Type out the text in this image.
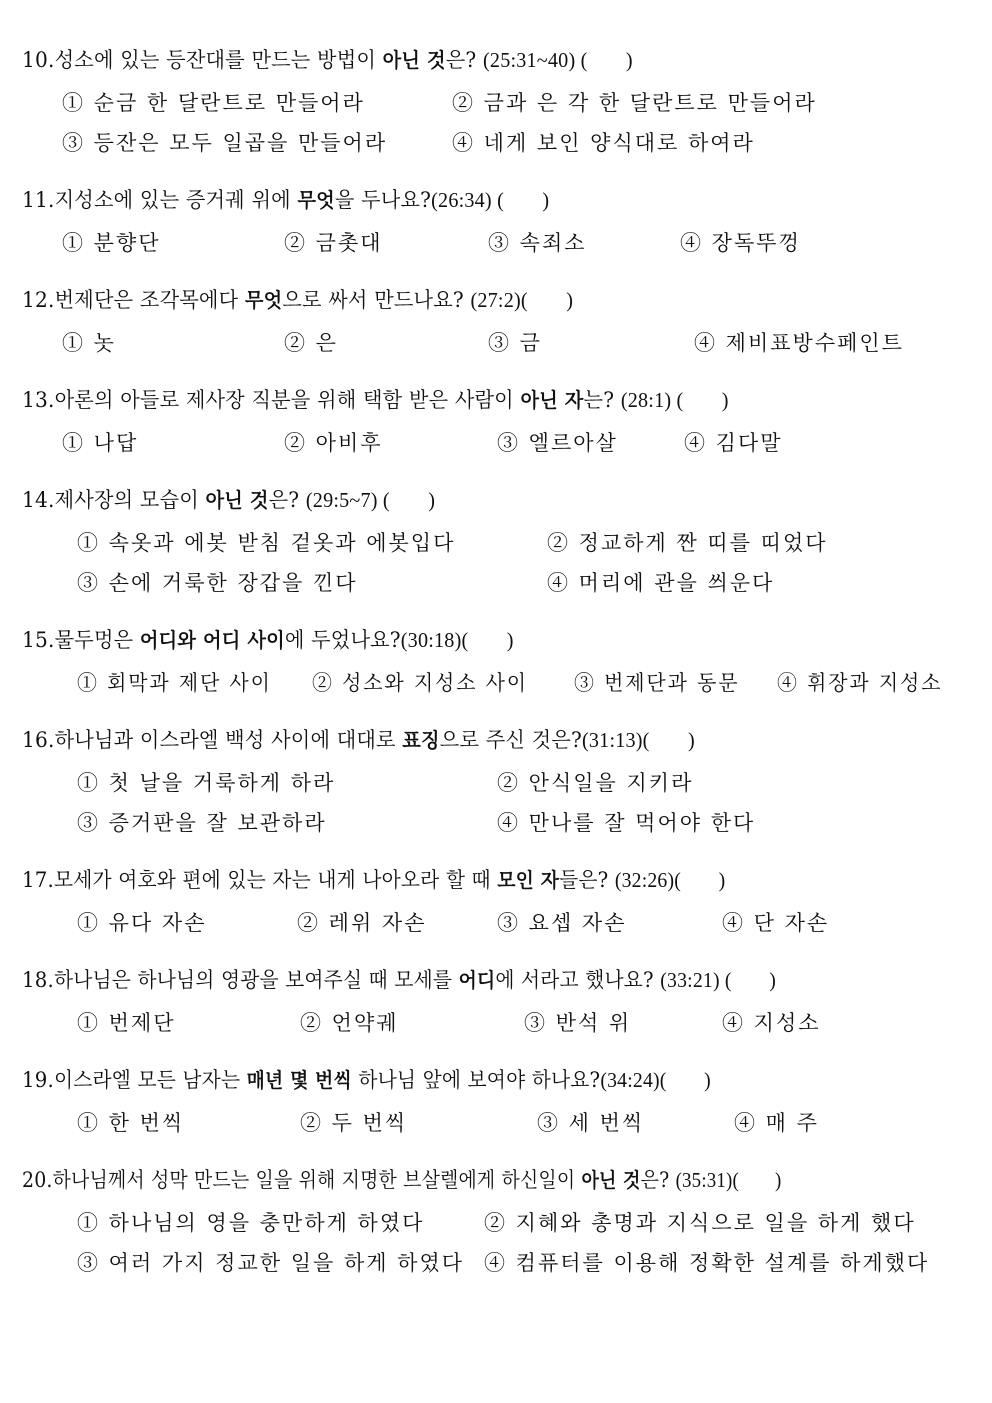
10.성소에 있는 등잔대를 만드는 방법이 아닌 것은? (25:31~40) ( )
① 순금 한 달란트로 만들어라	② 금과 은 각 한 달란트로 만들어라
③ 등잔은 모두 일곱을 만들어라	④ 네게 보인 양식대로 하여라
11.지성소에 있는 증거궤 위에 무엇을 두나요?(26:34) ( )
① 분향단	② 금촛대	③ 속죄소	④ 장독뚜껑
12.번제단은 조각목에다 무엇으로 싸서 만드나요? (27:2)( )
① 놋	② 은	③ 금	④ 제비표방수페인트
13.아론의 아들로 제사장 직분을 위해 택함 받은 사람이 아닌 자는? (28:1) ( )
① 나답	② 아비후	③ 엘르아살	④ 김다말
14.제사장의 모습이 아닌 것은? (29:5~7) ( )
① 속옷과 에봇 받침 겉옷과 에봇입다	② 정교하게 짠 띠를 띠었다
③ 손에 거룩한 장갑을 낀다	④ 머리에 관을 씌운다
15.물두멍은 어디와 어디 사이에 두었나요?(30:18)( )
① 회막과 제단 사이 ② 성소와 지성소 사이 ③ 번제단과 동문 ④ 휘장과 지성소
16.하나님과 이스라엘 백성 사이에 대대로 표징으로 주신 것은?(31:13)( )
① 첫 날을 거룩하게 하라	② 안식일을 지키라
③ 증거판을 잘 보관하라	④ 만나를 잘 먹어야 한다
17.모세가 여호와 편에 있는 자는 내게 나아오라 할 때 모인 자들은? (32:26)( )
① 유다 자손	② 레위 자손	③ 요셉 자손	④ 단 자손
18.하나님은 하나님의 영광을 보여주실 때 모세를 어디에 서라고 했나요? (33:21) ( )
① 번제단	② 언약궤	③ 반석 위	④ 지성소
19.이스라엘 모든 남자는 매년 몇 번씩 하나님 앞에 보여야 하나요?(34:24)( )
① 한 번씩	② 두 번씩	③ 세 번씩	④ 매 주
20.하나님께서 성막 만드는 일을 위해 지명한 브살렐에게 하신일이 아닌 것은? (35:31)( )
① 하나님의 영을 충만하게 하였다	② 지혜와 총명과 지식으로 일을 하게 했다
③ 여러 가지 정교한 일을 하게 하였다 ④ 컴퓨터를 이용해 정확한 설계를 하게했다
